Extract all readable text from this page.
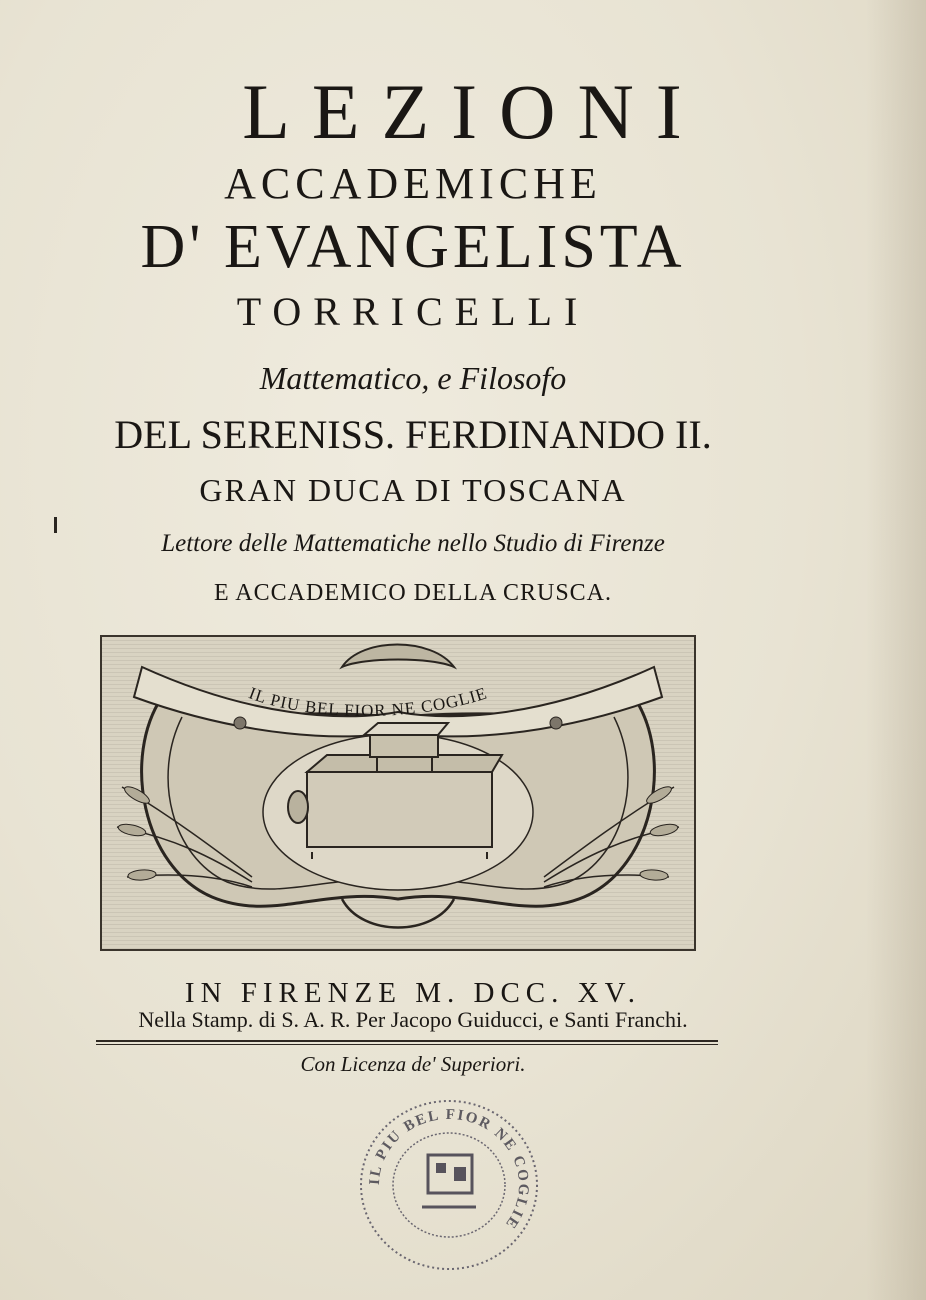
LEZIONI
ACCADEMICHE
D' EVANGELISTA
TORRICELLI
Mattematico, e Filosofo
DEL SERENISS. FERDINANDO II.
GRAN DUCA DI TOSCANA
Lettore delle Mattematiche nello Studio di Firenze
E ACCADEMICO DELLA CRUSCA.
IL PIU BEL FIOR NE COGLIE
IN FIRENZE M. DCC. XV.
Nella Stamp. di S. A. R. Per Jacopo Guiducci, e Santi Franchi.
Con Licenza de' Superiori.
IL PIU BEL FIOR NE COGLIE
